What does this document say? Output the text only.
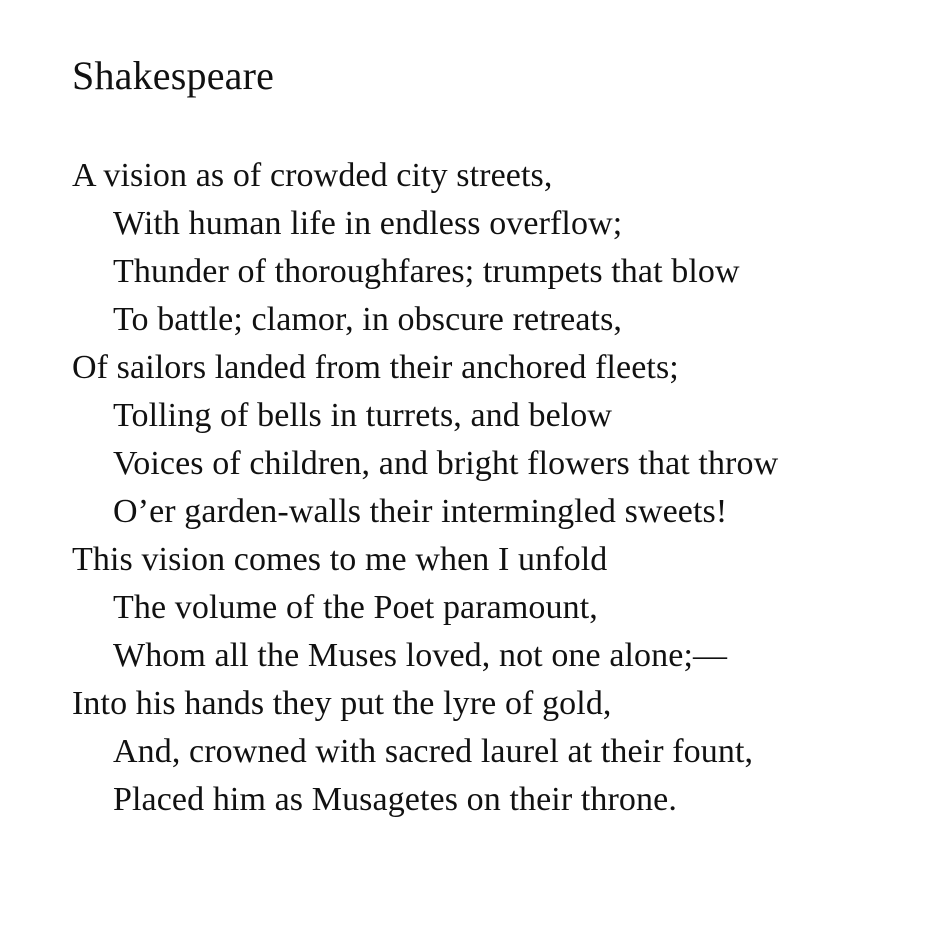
Shakespeare
A vision as of crowded city streets,
With human life in endless overflow;
Thunder of thoroughfares; trumpets that blow
To battle; clamor, in obscure retreats,
Of sailors landed from their anchored fleets;
Tolling of bells in turrets, and below
Voices of children, and bright flowers that throw
O’er garden-walls their intermingled sweets!
This vision comes to me when I unfold
The volume of the Poet paramount,
Whom all the Muses loved, not one alone;—
Into his hands they put the lyre of gold,
And, crowned with sacred laurel at their fount,
Placed him as Musagetes on their throne.
